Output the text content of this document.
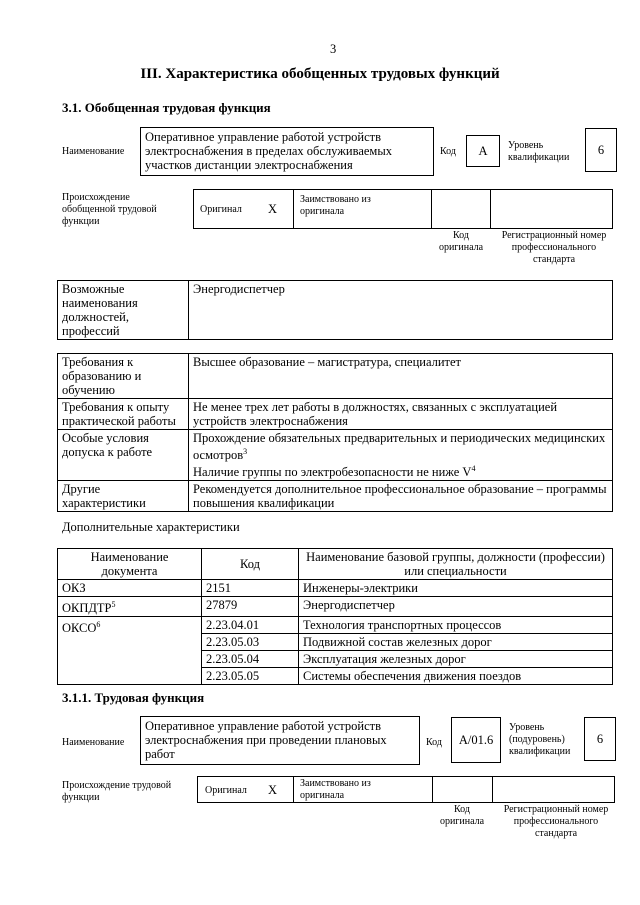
3
III. Характеристика обобщенных трудовых функций
3.1. Обобщенная трудовая функция
Наименование
Оперативное управление работой устройств электроснабжения в пределах обслуживаемых участков дистанции электроснабжения
Код	A	Уровень квалификации
6
Происхождение обобщенной трудовой функции
Оригинал X
Заимствовано из оригинала
Код оригинала
Регистрационный номер профессионального стандарта
Возможные наименования должностей, профессий	Энергодиспетчер
Требования к образованию и обучению	Высшее образование – магистратура, специалитет
Требования к опыту практической работы	Не менее трех лет работы в должностях, связанных с эксплуатацией устройств электроснабжения
Особые условия допуска к работе	Прохождение обязательных предварительных и периодических медицинских осмотров$^3$
Наличие группы по электробезопасности не ниже $V^4$
Другие характеристики	Рекомендуется дополнительное профессиональное образование – программы повышения квалификации
Дополнительные характеристики
Наименование документа	Код	Наименование базовой группы, должности (профессии) или специальности
ОКЗ	2151	Инженеры-электрики
ОКПДТР$^5$	27879	Энергодиспетчер
ОКСО$^6$	2.23.04.01	Технология транспортных процессов
	2.23.05.03	Подвижной состав железных дорог
	2.23.05.04	Эксплуатация железных дорог
	2.23.05.05	Системы обеспечения движения поездов
3.1.1. Трудовая функция
Наименование
Оперативное управление работой устройств электроснабжения при проведении плановых работ
Код	A/01.6
Уровень (подуровень) квалификации
6
Происхождение трудовой функции
Оригинал X Заимствовано из оригинала
Код оригинала
Регистрационный номер профессионального стандарта
